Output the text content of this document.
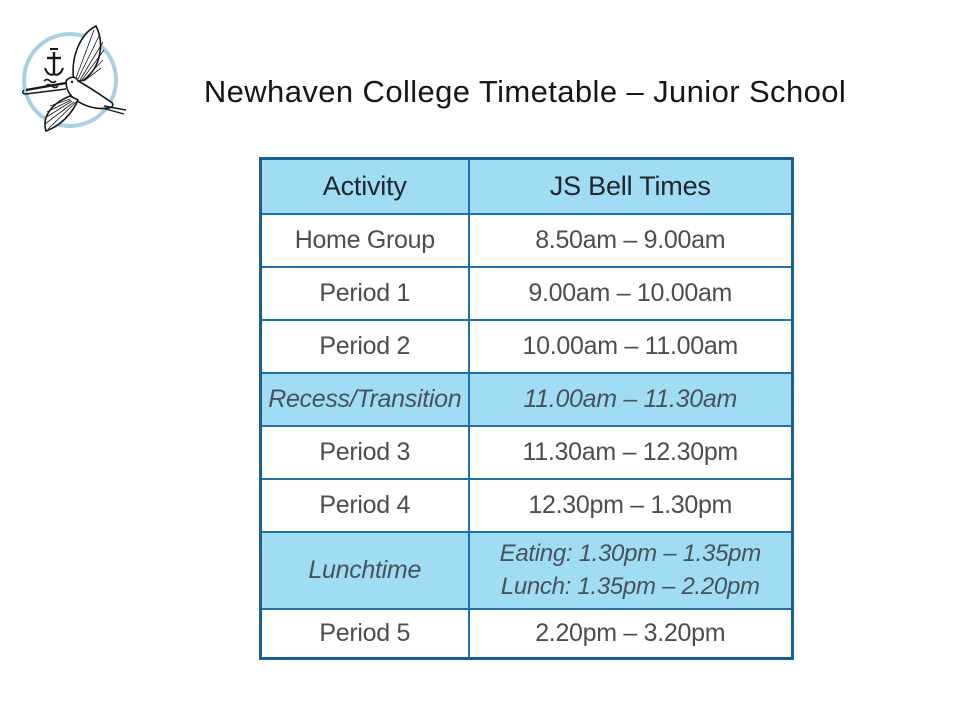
Newhaven College Timetable – Junior School
Activity	JS Bell Times
Home Group	8.50am – 9.00am

Period 1	9.00am – 10.00am

Period 2	10.00am – 11.00am

Recess/Transition	11.00am – 11.30am

Period 3	11.30am – 12.30pm

Period 4	12.30pm – 1.30pm

Lunchtime	Eating: 1.30pm – 1.35pm
Lunch: 1.35pm – 2.20pm

Period 5	2.20pm – 3.20pm
